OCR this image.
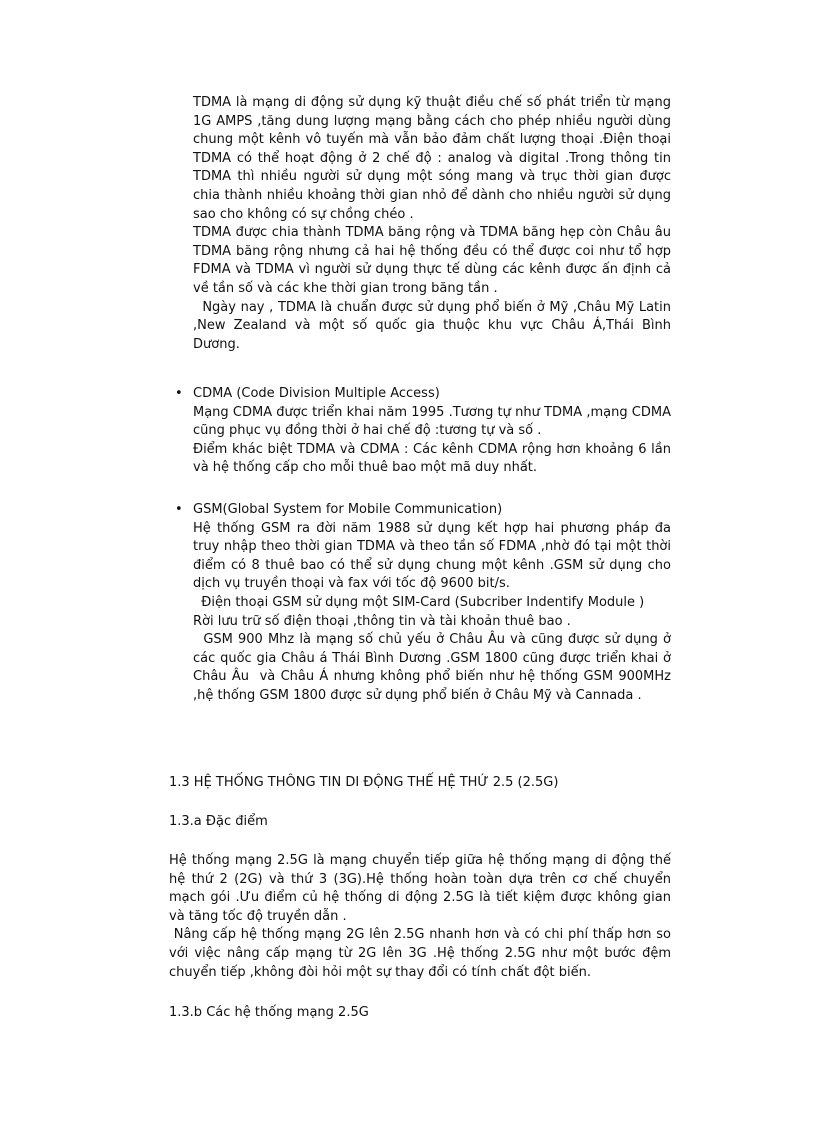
TDMA là mạng di động sử dụng kỹ thuật điều chế số phát triển từ mạng 1G AMPS ,tăng dung lượng mạng bằng cách cho phép nhiều người dùng chung một kênh vô tuyến mà vẫn bảo đảm chất lượng thoại .Điện thoại TDMA có thể hoạt động ở 2 chế độ : analog và digital .Trong thông tin TDMA thì nhiều người sử dụng một sóng mang và trục thời gian được chia thành nhiều khoảng thời gian nhỏ để dành cho nhiều người sử dụng sao cho không có sự chồng chéo .

TDMA được chia thành TDMA băng rộng và TDMA băng hẹp còn Châu âu TDMA băng rộng nhưng cả hai hệ thống đều có thể được coi như tổ hợp FDMA và TDMA vì người sử dụng thực tế dùng các kênh được ấn định cả về tần số và các khe thời gian trong băng tần .

Ngày nay , TDMA là chuẩn được sử dụng phổ biến ở Mỹ ,Châu Mỹ Latin ,New Zealand và một số quốc gia thuộc khu vực Châu Á,Thái Bình Dương.

• CDMA (Code Division Multiple Access)

Mạng CDMA được triển khai năm 1995 .Tương tự như TDMA ,mạng CDMA cũng phục vụ đồng thời ở hai chế độ :tương tự và số .

Điểm khác biệt TDMA và CDMA : Các kênh CDMA rộng hơn khoảng 6 lần và hệ thống cấp cho mỗi thuê bao một mã duy nhất.

• GSM(Global System for Mobile Communication)

Hệ thống GSM ra đời năm 1988 sử dụng kết hợp hai phương pháp đa truy nhập theo thời gian TDMA và theo tần số FDMA ,nhờ đó tại một thời điểm có 8 thuê bao có thể sử dụng chung một kênh .GSM sử dụng cho dịch vụ truyền thoại và fax với tốc độ 9600 bit/s.

Điện thoại GSM sử dụng một SIM-Card (Subcriber Indentify Module )

Rời lưu trữ số điện thoại ,thông tin và tài khoản thuê bao .

GSM 900 Mhz là mạng số chủ yếu ở Châu Âu và cũng được sử dụng ở các quốc gia Châu á Thái Bình Dương .GSM 1800 cũng được triển khai ở Châu Âu  và Châu Á nhưng không phổ biến như hệ thống GSM 900MHz ,hệ thống GSM 1800 được sử dụng phổ biến ở Châu Mỹ và Cannada .

1.3 HỆ THỐNG THÔNG TIN DI ĐỘNG THẾ HỆ THỨ 2.5 (2.5G)
1.3.a Đặc điểm

Hệ thống mạng 2.5G là mạng chuyển tiếp giữa hệ thống mạng di động thế hệ thứ 2 (2G) và thứ 3 (3G).Hệ thống hoàn toàn dựa trên cơ chế chuyển mạch gói .Ưu điểm củ hệ thống di động 2.5G là tiết kiệm được không gian và tăng tốc độ truyền dẫn .

Nâng cấp hệ thống mạng 2G lên 2.5G nhanh hơn và có chi phí thấp hơn so với việc nâng cấp mạng từ 2G lên 3G .Hệ thống 2.5G như một bước đệm chuyển tiếp ,không đòi hỏi một sự thay đổi có tính chất đột biến.

1.3.b Các hệ thống mạng 2.5G
